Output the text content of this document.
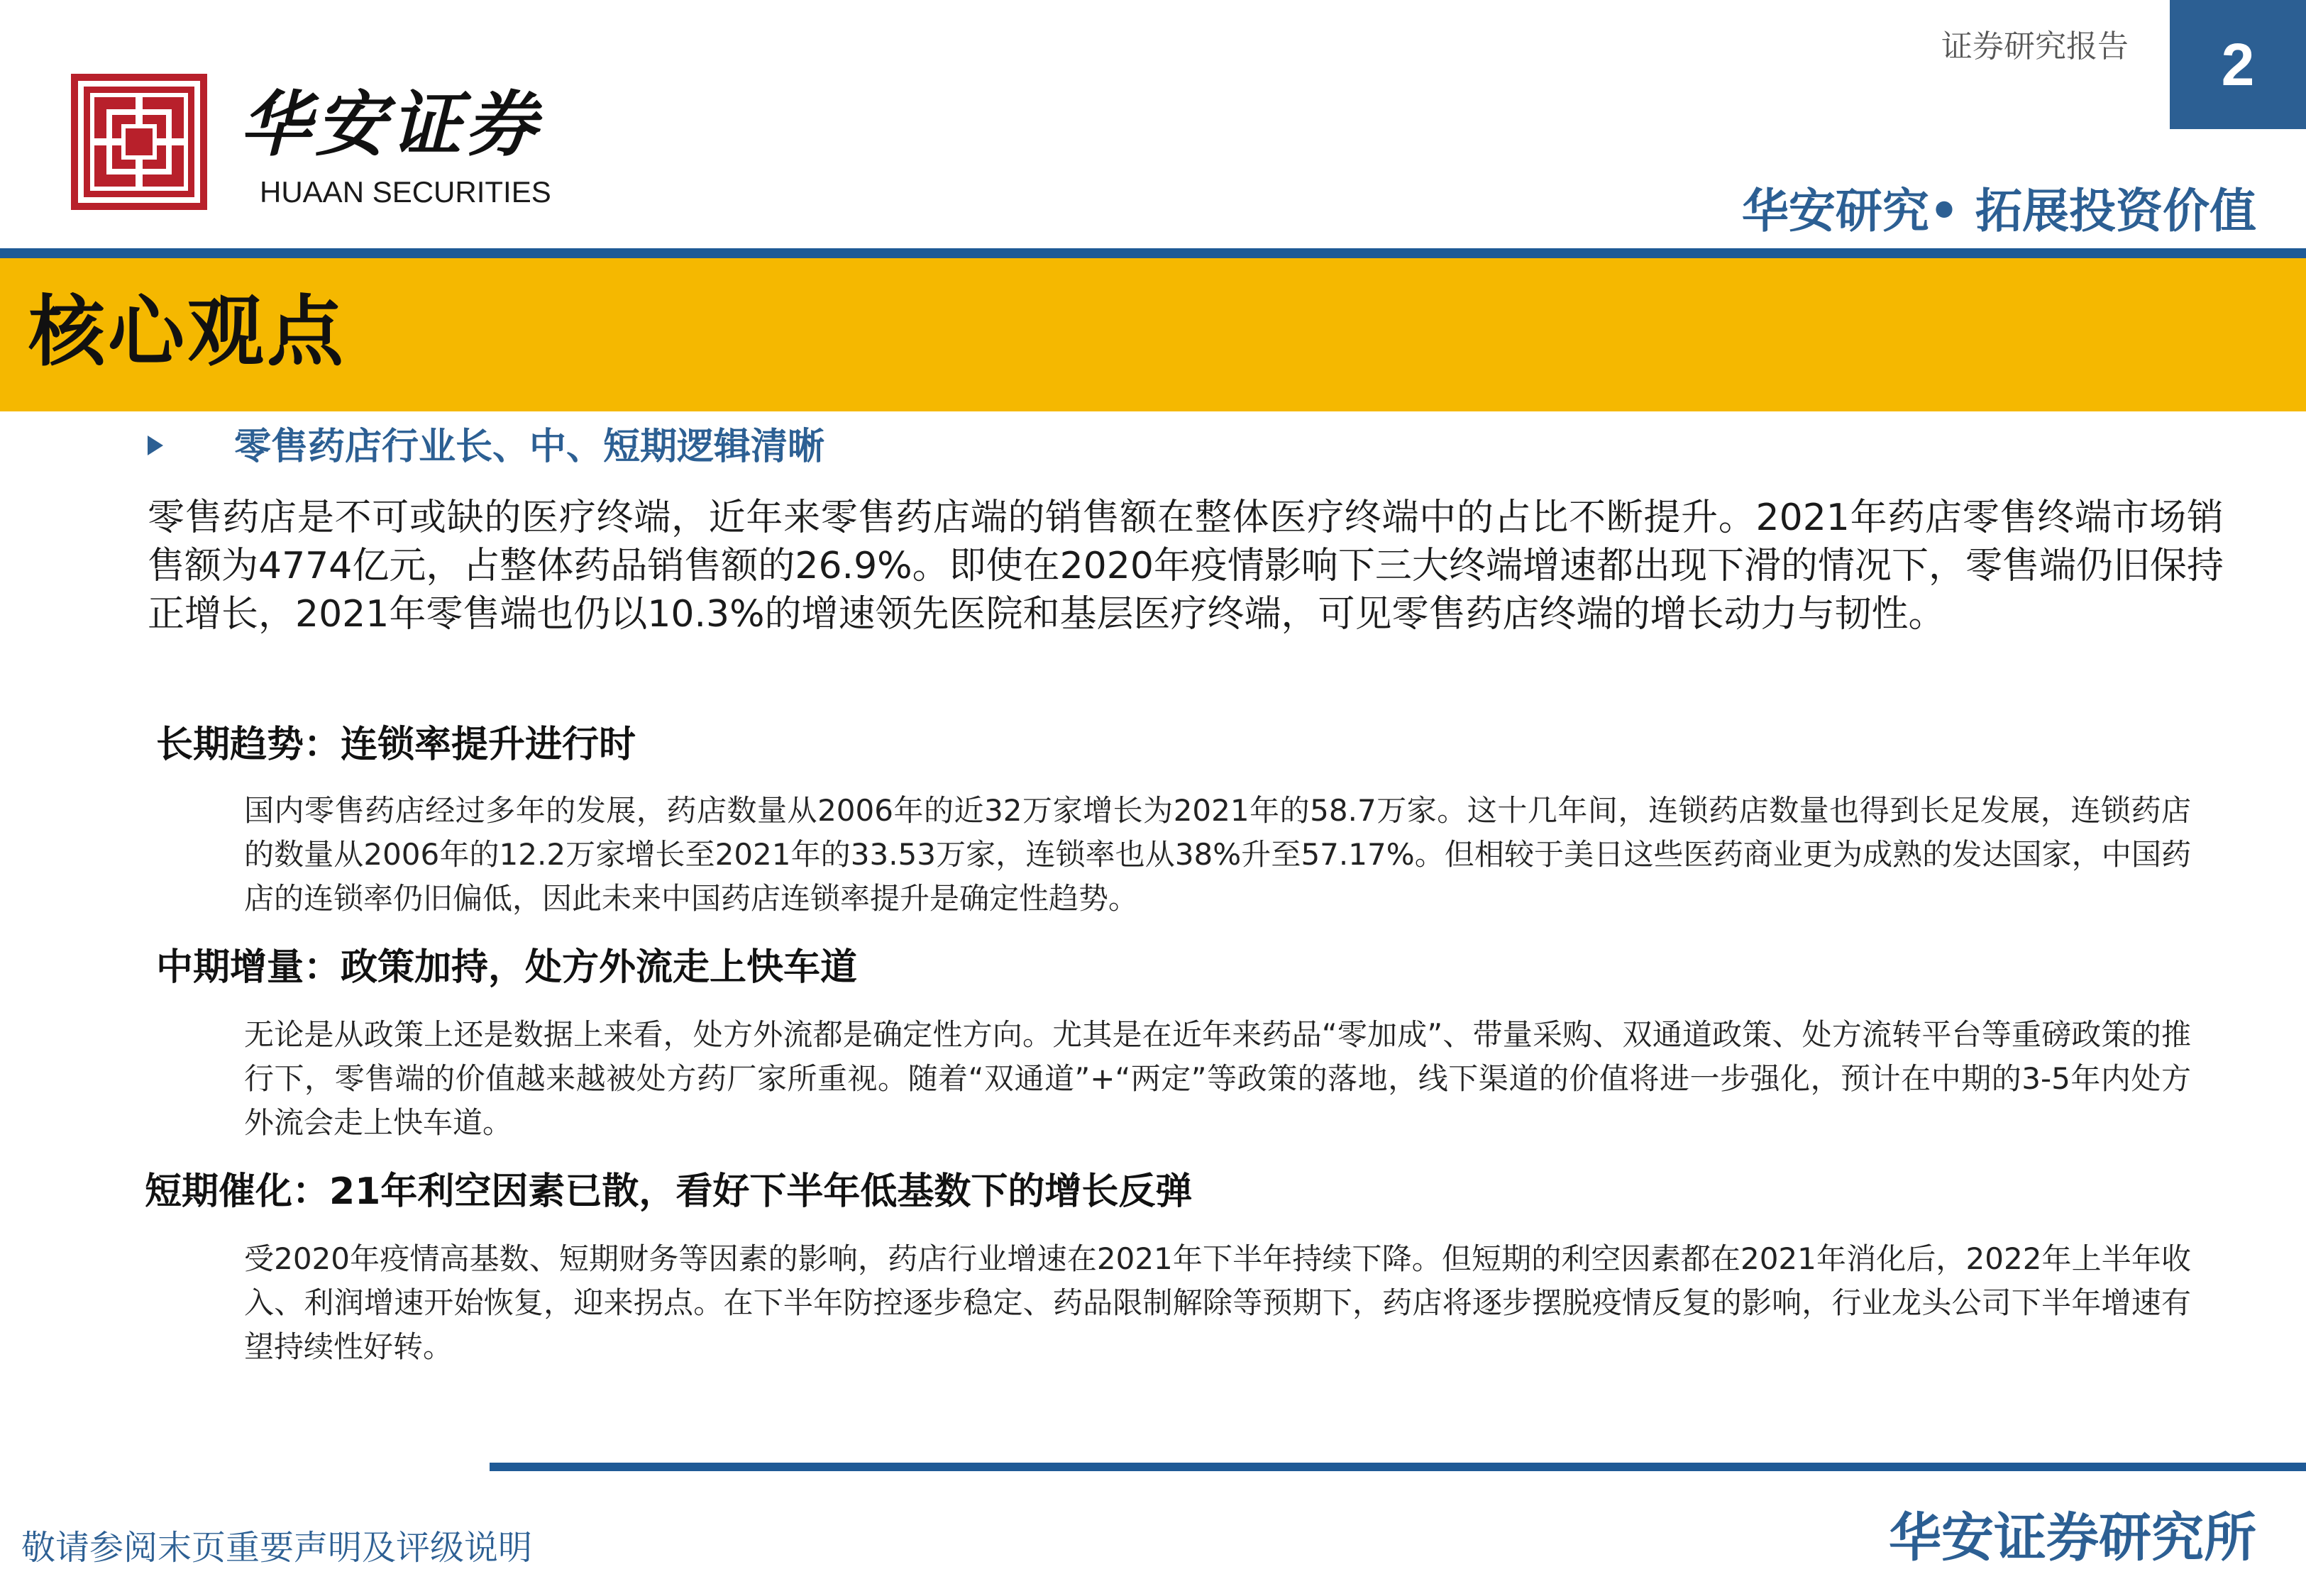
华安证券
HUAAN SECURITIES
证券研究报告 2
华安研究• 拓展投资价值
核心观点
零售药店行业长、中、短期逻辑清晰
零售药店是不可或缺的医疗终端，近年来零售药店端的销售额在整体医疗终端中的占比不断提升。2021年药店零售终端市场销售额为4774亿元，占整体药品销售额的26.9%。即使在2020年疫情影响下三大终端增速都出现下滑的情况下，零售端仍旧保持正增长，2021年零售端也仍以10.3%的增速领先医院和基层医疗终端，可见零售药店终端的增长动力与韧性。
长期趋势：连锁率提升进行时
国内零售药店经过多年的发展，药店数量从2006年的近32万家增长为2021年的58.7万家。这十几年间，连锁药店数量也得到长足发展，连锁药店的数量从2006年的12.2万家增长至2021年的33.53万家，连锁率也从38%升至57.17%。但相较于美日这些医药商业更为成熟的发达国家，中国药店的连锁率仍旧偏低，因此未来中国药店连锁率提升是确定性趋势。
中期增量：政策加持，处方外流走上快车道
无论是从政策上还是数据上来看，处方外流都是确定性方向。尤其是在近年来药品“零加成”、带量采购、双通道政策、处方流转平台等重磅政策的推行下，零售端的价值越来越被处方药厂家所重视。随着“双通道”+“两定”等政策的落地，线下渠道的价值将进一步强化，预计在中期的3-5年内处方外流会走上快车道。
短期催化：21年利空因素已散，看好下半年低基数下的增长反弹
受2020年疫情高基数、短期财务等因素的影响，药店行业增速在2021年下半年持续下降。但短期的利空因素都在2021年消化后，2022年上半年收入、利润增速开始恢复，迎来拐点。在下半年防控逐步稳定、药品限制解除等预期下，药店将逐步摆脱疫情反复的影响，行业龙头公司下半年增速有望持续性好转。
敬请参阅末页重要声明及评级说明	华安证券研究所
